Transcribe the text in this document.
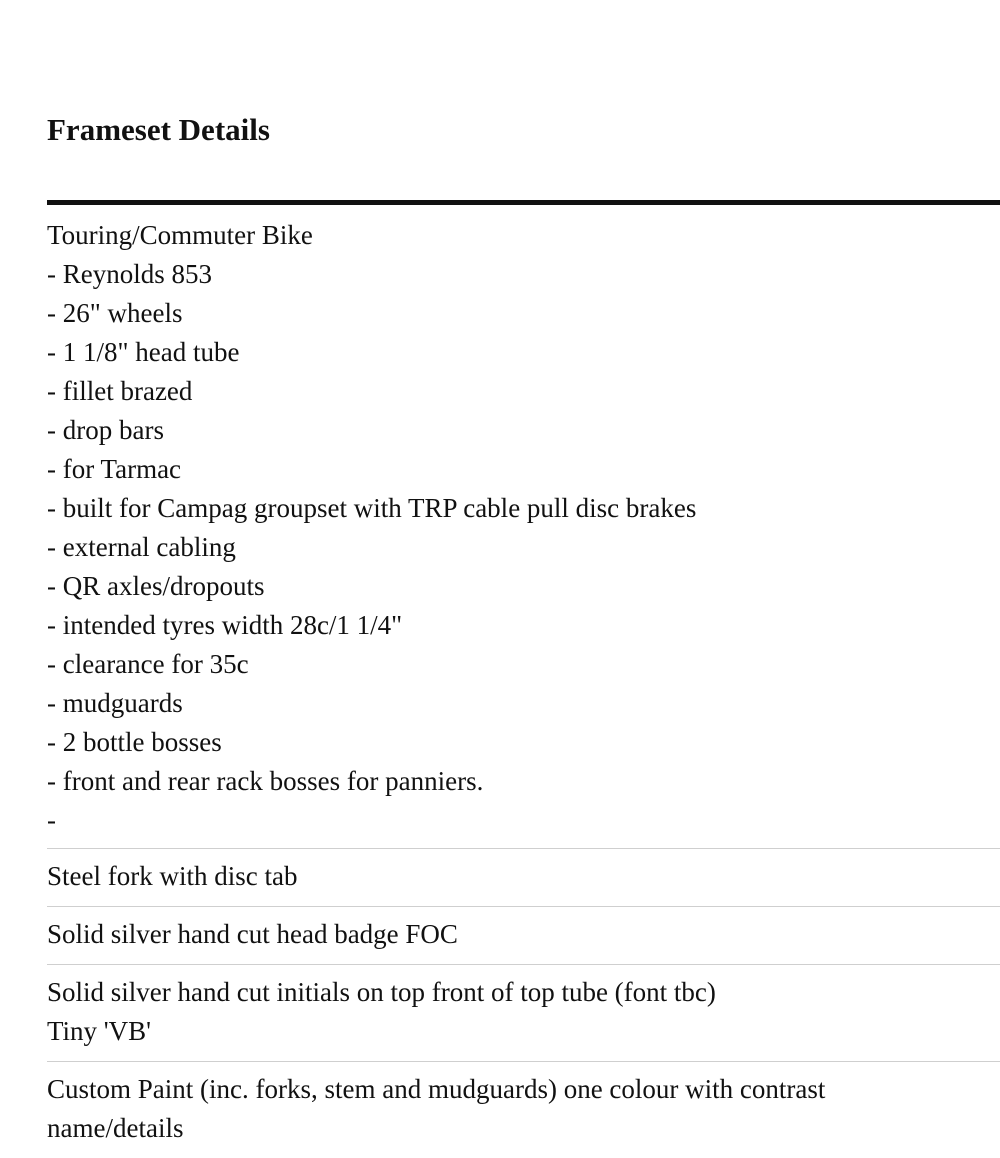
Frameset Details
Touring/Commuter Bike
- Reynolds 853
- 26" wheels
- 1 1/8" head tube
- fillet brazed
- drop bars
- for Tarmac
- built for Campag groupset with TRP cable pull disc brakes
- external cabling
- QR axles/dropouts
- intended tyres width 28c/1 1/4"
- clearance for 35c
- mudguards
- 2 bottle bosses
- front and rear rack bosses for panniers.
-
Steel fork with disc tab
Solid silver hand cut head badge FOC
Solid silver hand cut initials on top front of top tube (font tbc)
Tiny 'VB'
Custom Paint (inc. forks, stem and mudguards) one colour with contrast
name/details
